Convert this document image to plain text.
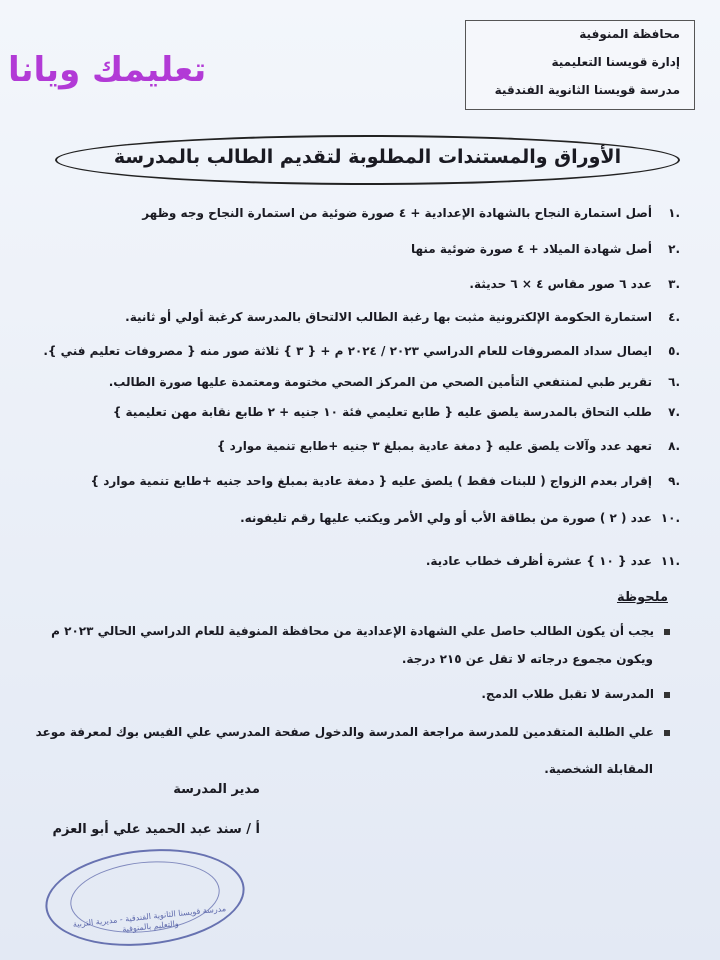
محافظة المنوفية
إدارة قويسنا التعليمية
مدرسة قويسنا الثانوية الفندقية
تعليمك ويانا
الأوراق والمستندات المطلوبة لتقديم الطالب بالمدرسة
.١أصل استمارة النجاح بالشهادة الإعدادية + ٤ صورة ضوئية من استمارة النجاح وجه وظهر
.٢أصل شهادة الميلاد + ٤ صورة ضوئية منها
.٣عدد ٦ صور مقاس ٤ × ٦ حديثة.
.٤استمارة الحكومة الإلكترونية مثبت بها رغبة الطالب الالتحاق بالمدرسة كرغبة أولي أو ثانية.
.٥ايصال سداد المصروفات للعام الدراسي ٢٠٢٣ / ٢٠٢٤ م + { ٣ } ثلاثة صور منه { مصروفات تعليم فني }.
.٦تقرير طبي لمنتفعي التأمين الصحي من المركز الصحي مختومة ومعتمدة عليها صورة الطالب.
.٧طلب التحاق بالمدرسة يلصق عليه { طابع تعليمي فئة ١٠ جنيه + ٢ طابع نقابة مهن تعليمية }
.٨تعهد عدد وآلات يلصق عليه { دمغة عادية بمبلغ ٣ جنيه +طابع تنمية موارد }
.٩إقرار بعدم الزواج ( للبنات فقط ) يلصق عليه { دمغة عادية بمبلغ واحد جنيه +طابع تنمية موارد }
.١٠عدد ( ٢ ) صورة من بطاقة الأب أو ولي الأمر ويكتب عليها رقم تليفونه.
.١١عدد { ١٠ } عشرة أظرف خطاب عادية.
ملحوظة
يجب أن يكون الطالب حاصل علي الشهادة الإعدادية من محافظة المنوفية للعام الدراسي الحالي ٢٠٢٣ م
ويكون مجموع درجاته لا تقل عن ٢١٥ درجة.
المدرسة لا تقبل طلاب الدمج.
علي الطلبة المتقدمين للمدرسة مراجعة المدرسة والدخول صفحة المدرسي علي الفيس بوك لمعرفة موعد
المقابلة الشخصية.
مدير المدرسة
أ / سند عبد الحميد علي أبو العزم
مدرسة قويسنا الثانوية الفندقية - مديرية التربية والتعليم بالمنوفية
